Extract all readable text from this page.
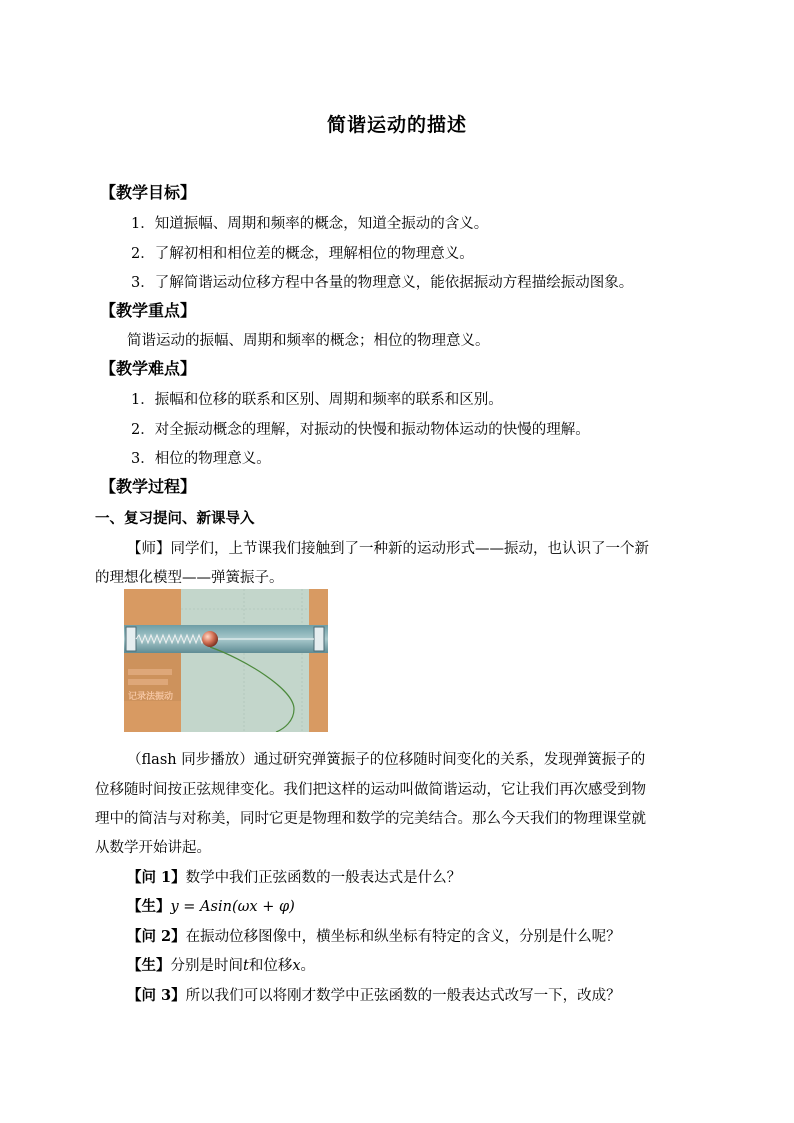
简谐运动的描述
【教学目标】
1．知道振幅、周期和频率的概念，知道全振动的含义。
2．了解初相和相位差的概念，理解相位的物理意义。
3．了解简谐运动位移方程中各量的物理意义，能依据振动方程描绘振动图象。
【教学重点】
简谐运动的振幅、周期和频率的概念；相位的物理意义。
【教学难点】
1．振幅和位移的联系和区别、周期和频率的联系和区别。
2．对全振动概念的理解，对振动的快慢和振动物体运动的快慢的理解。
3．相位的物理意义。
【教学过程】
一、复习提问、新课导入
【师】同学们，上节课我们接触到了一种新的运动形式——振动，也认识了一个新
的理想化模型——弹簧振子。
记录法振动
（flash 同步播放）通过研究弹簧振子的位移随时间变化的关系，发现弹簧振子的
位移随时间按正弦规律变化。我们把这样的运动叫做简谐运动，它让我们再次感受到物
理中的简洁与对称美，同时它更是物理和数学的完美结合。那么今天我们的物理课堂就
从数学开始讲起。
【问 1】数学中我们正弦函数的一般表达式是什么？
【生】y = Asin(ωx + φ)
【问 2】在振动位移图像中，横坐标和纵坐标有特定的含义，分别是什么呢？
【生】分别是时间t和位移x。
【问 3】所以我们可以将刚才数学中正弦函数的一般表达式改写一下，改成？
